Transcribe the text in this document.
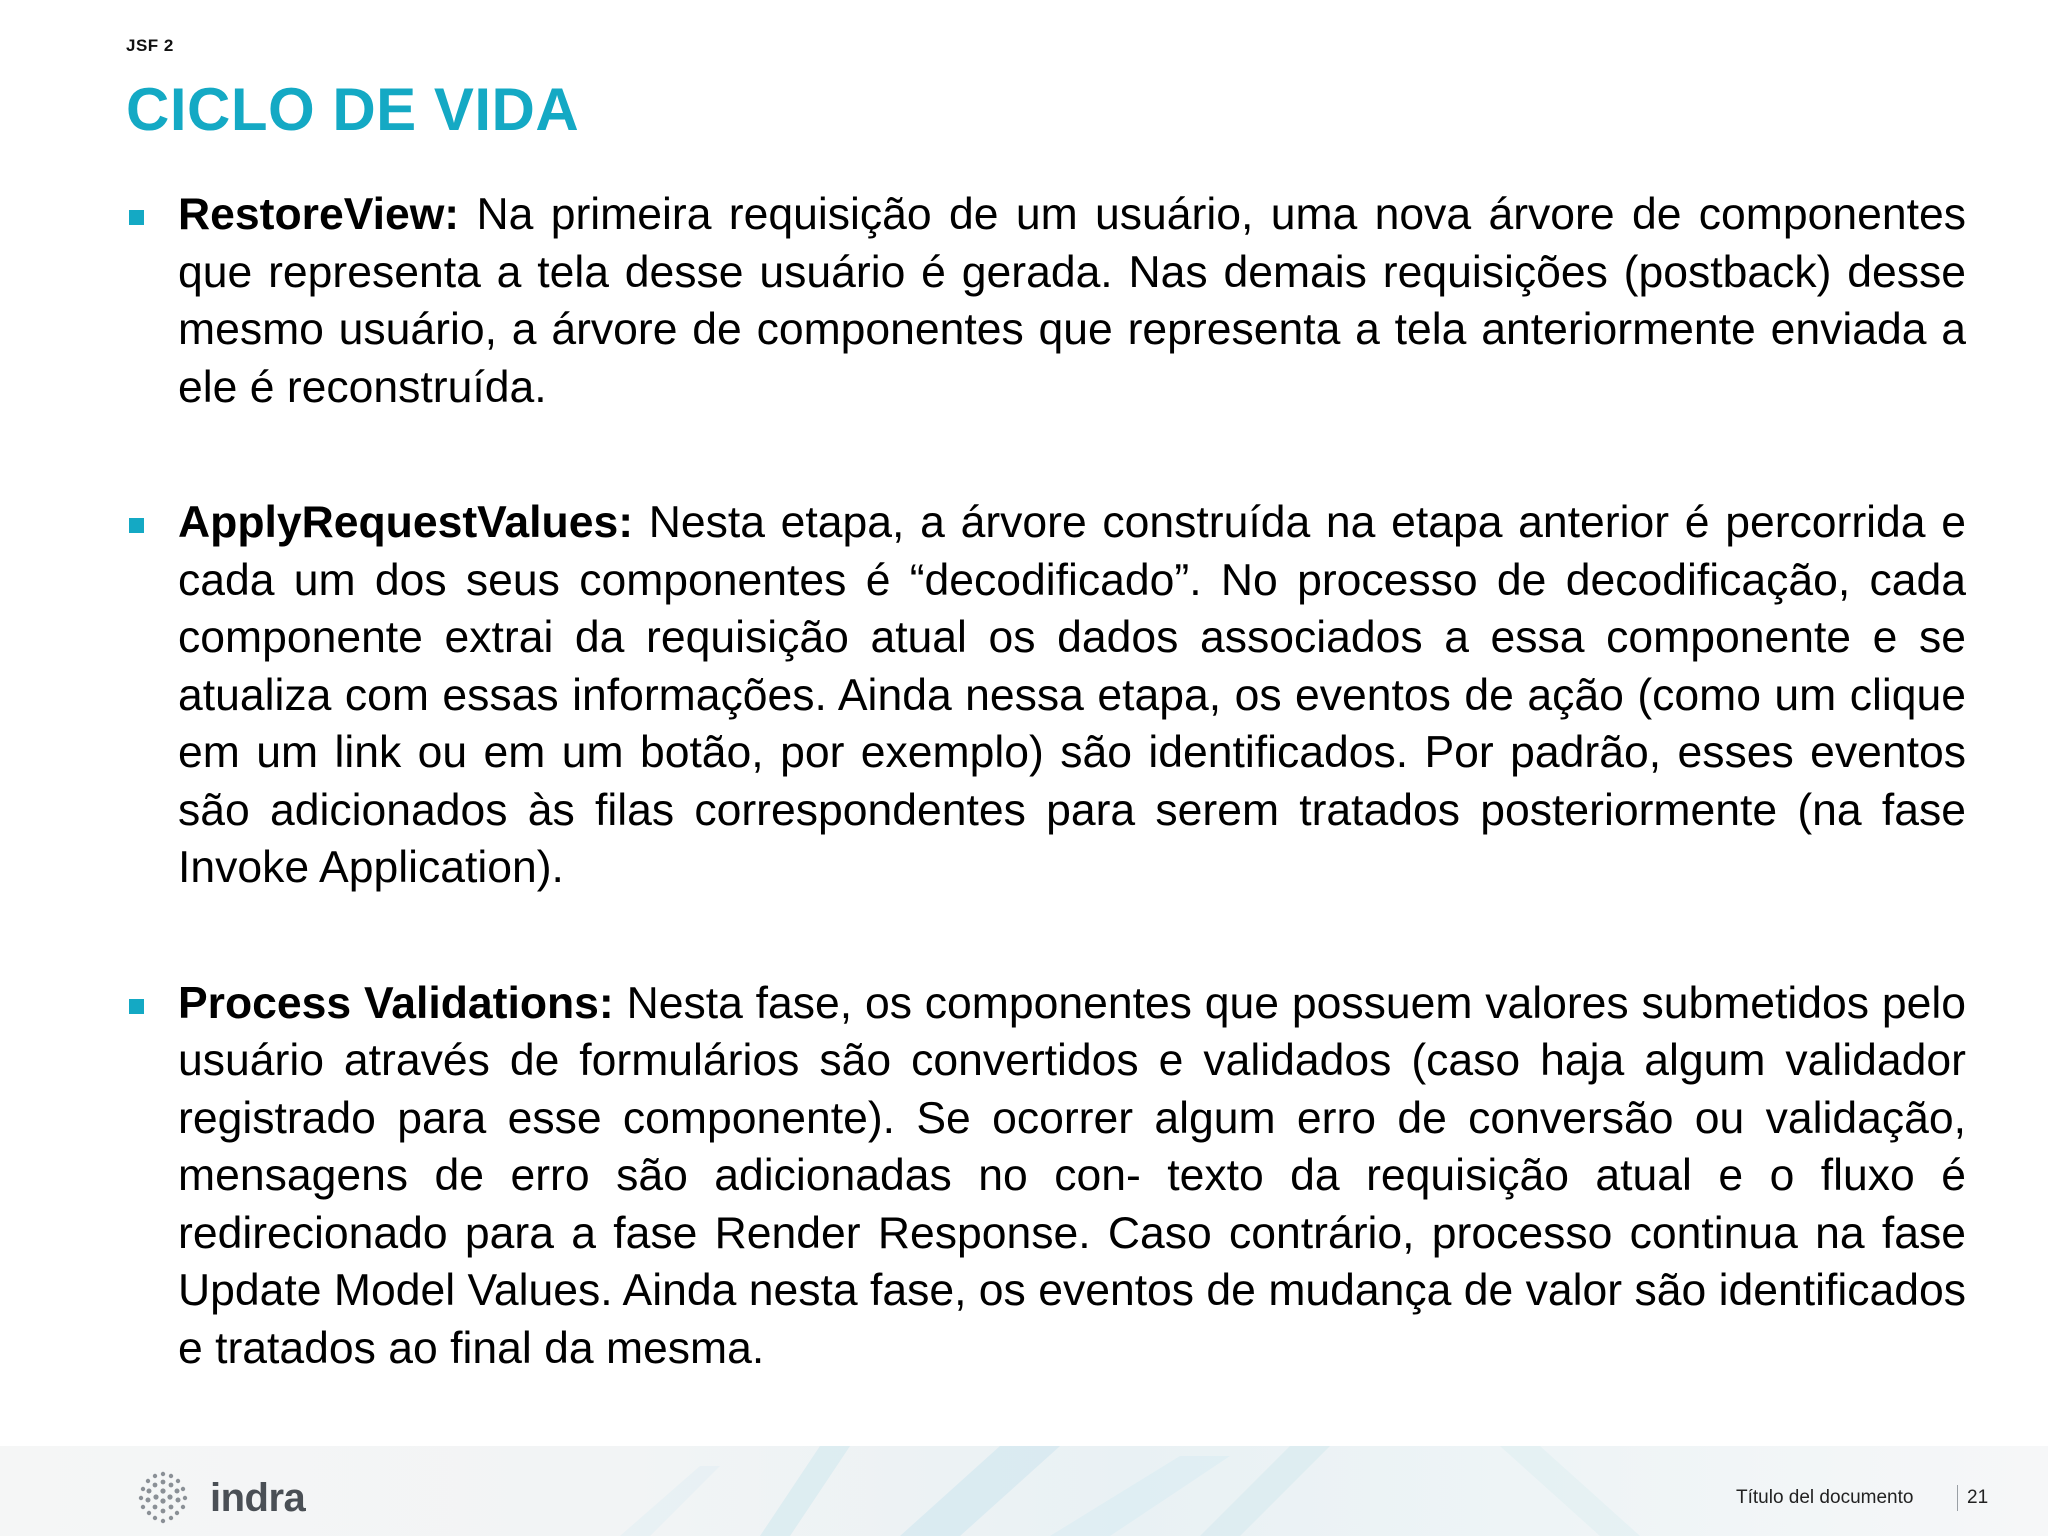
JSF 2
CICLO DE VIDA
RestoreView: Na primeira requisição de um usuário, uma nova árvore de componentes que representa a tela desse usuário é gerada. Nas demais requisições (postback) desse mesmo usuário, a árvore de componentes que representa a tela anteriormente enviada a ele é reconstruída.
ApplyRequestValues: Nesta etapa, a árvore construída na etapa anterior é percorrida e cada um dos seus componentes é “decodificado”. No processo de decodificação, cada componente extrai da requisição atual os dados associados a essa componente e se atualiza com essas informações. Ainda nessa etapa, os eventos de ação (como um clique em um link ou em um botão, por exemplo) são identificados. Por padrão, esses eventos são adicionados às filas correspondentes para serem tratados posteriormente (na fase Invoke Application).
Process Validations: Nesta fase, os componentes que possuem valores submetidos pelo usuário através de formulários são convertidos e validados (caso haja algum validador registrado para esse componente). Se ocorrer algum erro de conversão ou validação, mensagens de erro são adicionadas no con- texto da requisição atual e o fluxo é redirecionado para a fase Render Response. Caso contrário, processo continua na fase Update Model Values. Ainda nesta fase, os eventos de mudança de valor são identificados e tratados ao final da mesma.
indra	Título del documento	21
